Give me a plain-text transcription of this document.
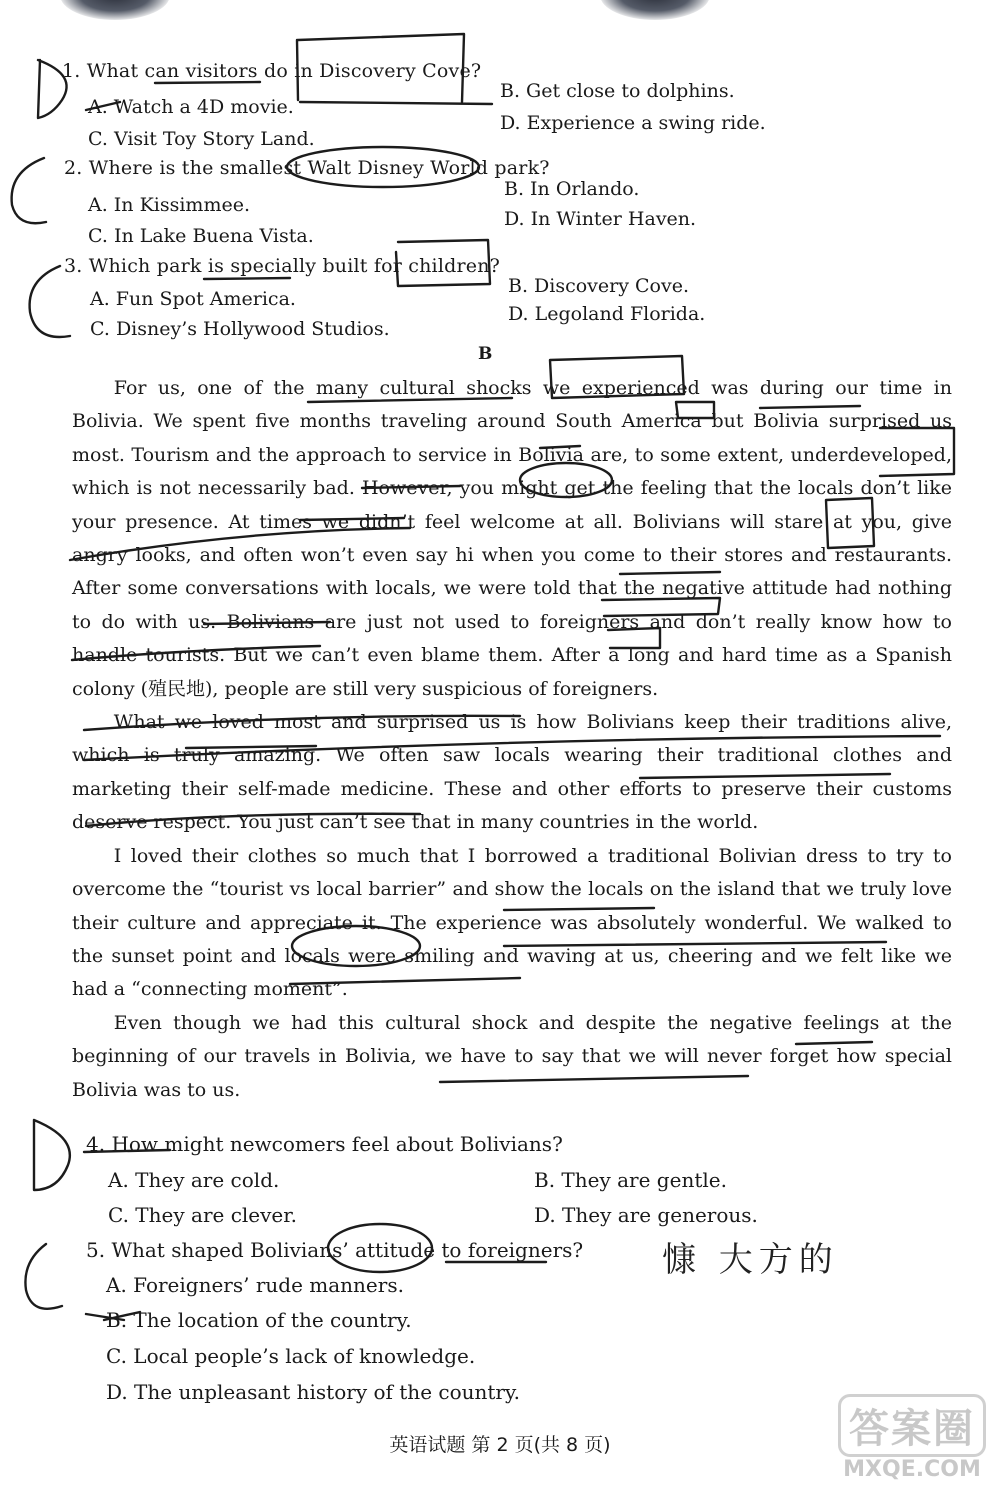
1. What can visitors do in Discovery Cove?
A. Watch a 4D movie.
B. Get close to dolphins.
C. Visit Toy Story Land.
D. Experience a swing ride.
2. Where is the smallest Walt Disney World park?
A. In Kissimmee.
B. In Orlando.
C. In Lake Buena Vista.
D. In Winter Haven.
3. Which park is specially built for children?
A. Fun Spot America.
B. Discovery Cove.
C. Disney’s Hollywood Studios.
D. Legoland Florida.
B

For us, one of the many cultural shocks we experienced was during our time in Bolivia. We spent five months traveling around South America but Bolivia surprised us most. Tourism and the approach to service in Bolivia are, to some extent, underdeveloped, which is not necessarily bad. However, you might get the feeling that the locals don’t like your presence. At times we didn’t feel welcome at all. Bolivians will stare at you, give angry looks, and often won’t even say hi when you come to their stores and restaurants. After some conversations with locals, we were told that the negative attitude had nothing to do with us. Bolivians are just not used to foreigners and don’t really know how to handle tourists. But we can’t even blame them. After a long and hard time as a Spanish colony (殖民地), people are still very suspicious of foreigners.

What we loved most and surprised us is how Bolivians keep their traditions alive, which is truly amazing. We often saw locals wearing their traditional clothes and marketing their self-made medicine. These and other efforts to preserve their customs deserve respect. You just can’t see that in many countries in the world.

I loved their clothes so much that I borrowed a traditional Bolivian dress to try to overcome the “tourist vs local barrier” and show the locals on the island that we truly love their culture and appreciate it. The experience was absolutely wonderful. We walked to the sunset point and locals were smiling and waving at us, cheering and we felt like we had a “connecting moment”.

Even though we had this cultural shock and despite the negative feelings at the beginning of our travels in Bolivia, we have to say that we will never forget how special Bolivia was to us.

4. How might newcomers feel about Bolivians?
A. They are cold.	B. They are gentle.
C. They are clever.	D. They are generous.
5. What shaped Bolivians’ attitude to foreigners?
A. Foreigners’ rude manners.
B. The location of the country.
C. Local people’s lack of knowledge.
D. The unpleasant history of the country.
慷 大方的
英语试题 第 2 页(共 8 页)	答案圈
MXQE.COM
